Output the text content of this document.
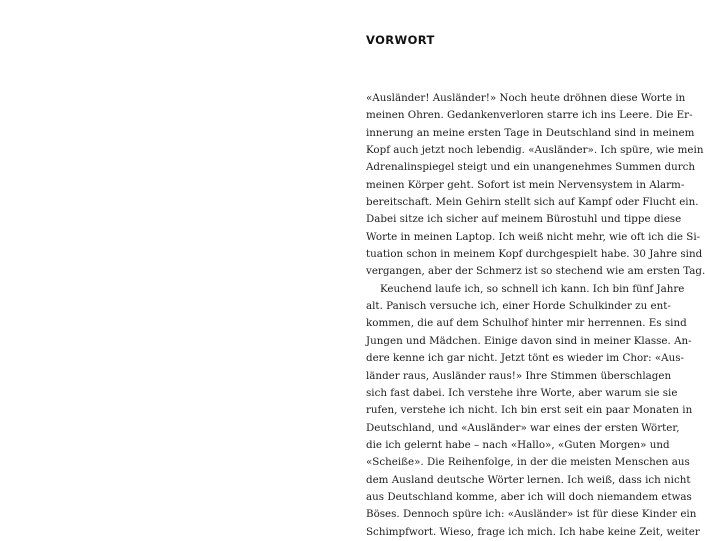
VORWORT
«Ausländer! Ausländer!» Noch heute dröhnen diese Worte in
meinen Ohren. Gedankenverloren starre ich ins Leere. Die Er-
innerung an meine ersten Tage in Deutschland sind in meinem
Kopf auch jetzt noch lebendig. «Ausländer». Ich spüre, wie mein
Adrenalinspiegel steigt und ein unangenehmes Summen durch
meinen Körper geht. Sofort ist mein Nervensystem in Alarm-
bereitschaft. Mein Gehirn stellt sich auf Kampf oder Flucht ein.
Dabei sitze ich sicher auf meinem Bürostuhl und tippe diese
Worte in meinen Laptop. Ich weiß nicht mehr, wie oft ich die Si-
tuation schon in meinem Kopf durchgespielt habe. 30 Jahre sind
vergangen, aber der Schmerz ist so stechend wie am ersten Tag.
Keuchend laufe ich, so schnell ich kann. Ich bin fünf Jahre
alt. Panisch versuche ich, einer Horde Schulkinder zu ent-
kommen, die auf dem Schulhof hinter mir herrennen. Es sind
Jungen und Mädchen. Einige davon sind in meiner Klasse. An-
dere kenne ich gar nicht. Jetzt tönt es wieder im Chor: «Aus-
länder raus, Ausländer raus!» Ihre Stimmen überschlagen
sich fast dabei. Ich verstehe ihre Worte, aber warum sie sie
rufen, verstehe ich nicht. Ich bin erst seit ein paar Monaten in
Deutschland, und «Ausländer» war eines der ersten Wörter,
die ich gelernt habe – nach «Hallo», «Guten Morgen» und
«Scheiße». Die Reihenfolge, in der die meisten Menschen aus
dem Ausland deutsche Wörter lernen. Ich weiß, dass ich nicht
aus Deutschland komme, aber ich will doch niemandem etwas
Böses. Dennoch spüre ich: «Ausländer» ist für diese Kinder ein
Schimpfwort. Wieso, frage ich mich. Ich habe keine Zeit, weiter
